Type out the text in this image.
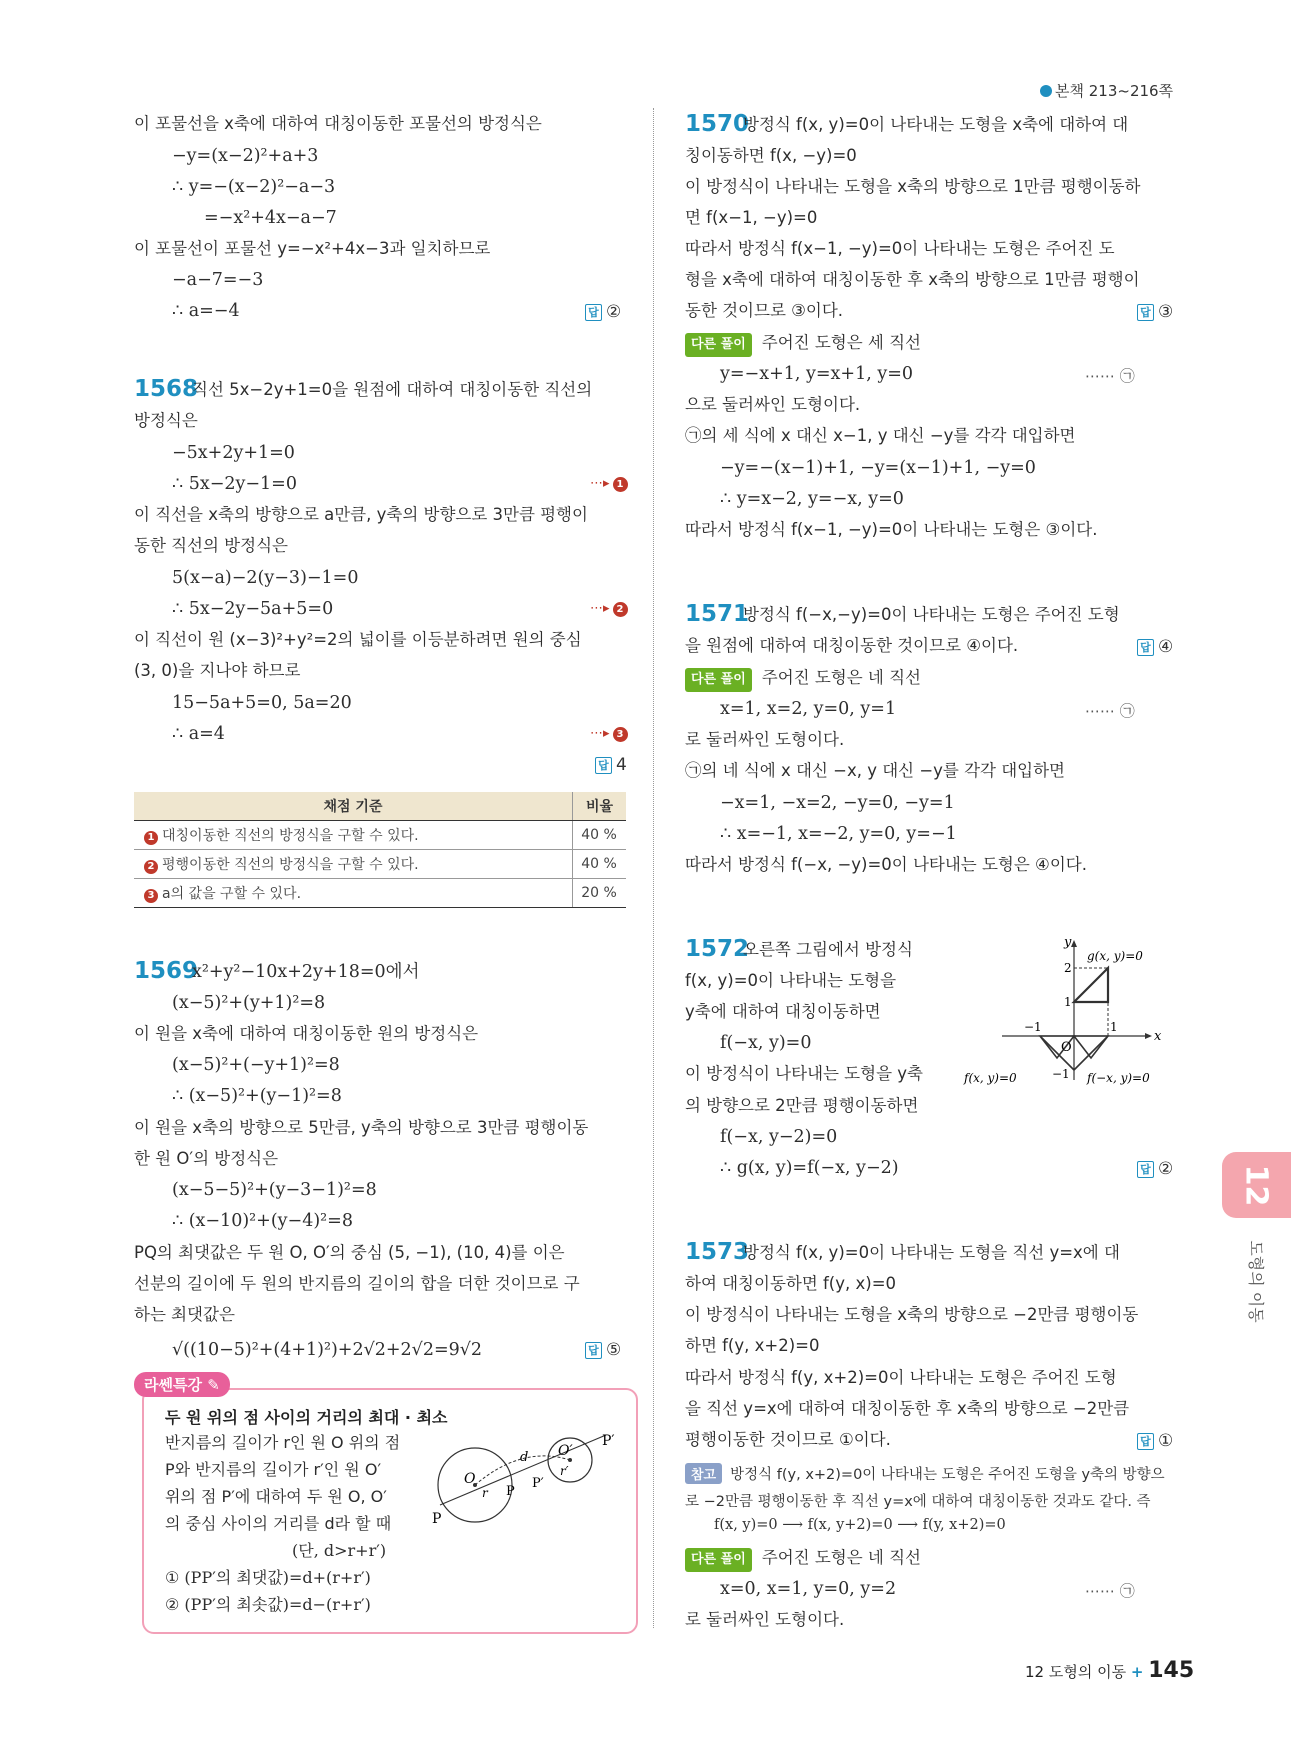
본책 213~216쪽
이 포물선을 x축에 대하여 대칭이동한 포물선의 방정식은
−y=(x−2)²+a+3
∴ y=−(x−2)²−a−3
=−x²+4x−a−7
이 포물선이 포물선 y=−x²+4x−3과 일치하므로
−a−7=−3
∴ a=−4	답 ②
1568
직선 5x−2y+1=0을 원점에 대하여 대칭이동한 직선의
방정식은
−5x+2y+1=0
∴ 5x−2y−1=0	⋯▸ 1
이 직선을 x축의 방향으로 a만큼, y축의 방향으로 3만큼 평행이
동한 직선의 방정식은
5(x−a)−2(y−3)−1=0
∴ 5x−2y−5a+5=0	⋯▸ 2
이 직선이 원 (x−3)²+y²=2의 넓이를 이등분하려면 원의 중심
(3, 0)을 지나야 하므로
15−5a+5=0, 5a=20
∴ a=4	⋯▸ 3
답 4
채점 기준	비율
1 대칭이동한 직선의 방정식을 구할 수 있다.	40 %
2 평행이동한 직선의 방정식을 구할 수 있다.	40 %
3 a의 값을 구할 수 있다.	20 %
1569
x²+y²−10x+2y+18=0에서
(x−5)²+(y+1)²=8
이 원을 x축에 대하여 대칭이동한 원의 방정식은
(x−5)²+(−y+1)²=8
∴ (x−5)²+(y−1)²=8
이 원을 x축의 방향으로 5만큼, y축의 방향으로 3만큼 평행이동
한 원 O′의 방정식은
(x−5−5)²+(y−3−1)²=8
∴ (x−10)²+(y−4)²=8
PQ의 최댓값은 두 원 O, O′의 중심 (5, −1), (10, 4)를 이은
선분의 길이에 두 원의 반지름의 길이의 합을 더한 것이므로 구
하는 최댓값은
√((10−5)²+(4+1)²)+2√2+2√2=9√2	답 ⑤
라쎈특강 ✎
두 원 위의 점 사이의 거리의 최대 · 최소
반지름의 길이가 r인 원 O 위의 점
P와 반지름의 길이가 r′인 원 O′
위의 점 P′에 대하여 두 원 O, O′
의 중심 사이의 거리를 d라 할 때
(단, d>r+r′)
① (PP′의 최댓값)=d+(r+r′)
② (PP′의 최솟값)=d−(r+r′)
O
O′
P
P′
d
r
r′
P
P′
1570
방정식 f(x, y)=0이 나타내는 도형을 x축에 대하여 대
칭이동하면 f(x, −y)=0
이 방정식이 나타내는 도형을 x축의 방향으로 1만큼 평행이동하
면 f(x−1, −y)=0
따라서 방정식 f(x−1, −y)=0이 나타내는 도형은 주어진 도
형을 x축에 대하여 대칭이동한 후 x축의 방향으로 1만큼 평행이
동한 것이므로 ③이다.	답 ③
다른 풀이 주어진 도형은 세 직선
y=−x+1, y=x+1, y=0	⋯⋯ ㉠
으로 둘러싸인 도형이다.
㉠의 세 식에 x 대신 x−1, y 대신 −y를 각각 대입하면
−y=−(x−1)+1, −y=(x−1)+1, −y=0
∴ y=x−2, y=−x, y=0
따라서 방정식 f(x−1, −y)=0이 나타내는 도형은 ③이다.
1571
방정식 f(−x,−y)=0이 나타내는 도형은 주어진 도형
을 원점에 대하여 대칭이동한 것이므로 ④이다.	답 ④
다른 풀이 주어진 도형은 네 직선
x=1, x=2, y=0, y=1	⋯⋯ ㉠
로 둘러싸인 도형이다.
㉠의 네 식에 x 대신 −x, y 대신 −y를 각각 대입하면
−x=1, −x=2, −y=0, −y=1
∴ x=−1, x=−2, y=0, y=−1
따라서 방정식 f(−x, −y)=0이 나타내는 도형은 ④이다.
1572
오른쪽 그림에서 방정식
f(x, y)=0이 나타내는 도형을
y축에 대하여 대칭이동하면
f(−x, y)=0
이 방정식이 나타내는 도형을 y축
의 방향으로 2만큼 평행이동하면
f(−x, y−2)=0
∴ g(x, y)=f(−x, y−2)	답 ②
y
x
O
2
1
−1	1
−1
g(x, y)=0
f(x, y)=0	f(−x, y)=0
1573
방정식 f(x, y)=0이 나타내는 도형을 직선 y=x에 대
하여 대칭이동하면 f(y, x)=0
이 방정식이 나타내는 도형을 x축의 방향으로 −2만큼 평행이동
하면 f(y, x+2)=0
따라서 방정식 f(y, x+2)=0이 나타내는 도형은 주어진 도형
을 직선 y=x에 대하여 대칭이동한 후 x축의 방향으로 −2만큼
평행이동한 것이므로 ①이다.	답 ①
참고 방정식 f(y, x+2)=0이 나타내는 도형은 주어진 도형을 y축의 방향으
로 −2만큼 평행이동한 후 직선 y=x에 대하여 대칭이동한 것과도 같다. 즉
f(x, y)=0 ⟶ f(x, y+2)=0 ⟶ f(y, x+2)=0
다른 풀이 주어진 도형은 네 직선
x=0, x=1, y=0, y=2	⋯⋯ ㉠
로 둘러싸인 도형이다.
12
도형의 이동
12 도형의 이동 + 145
